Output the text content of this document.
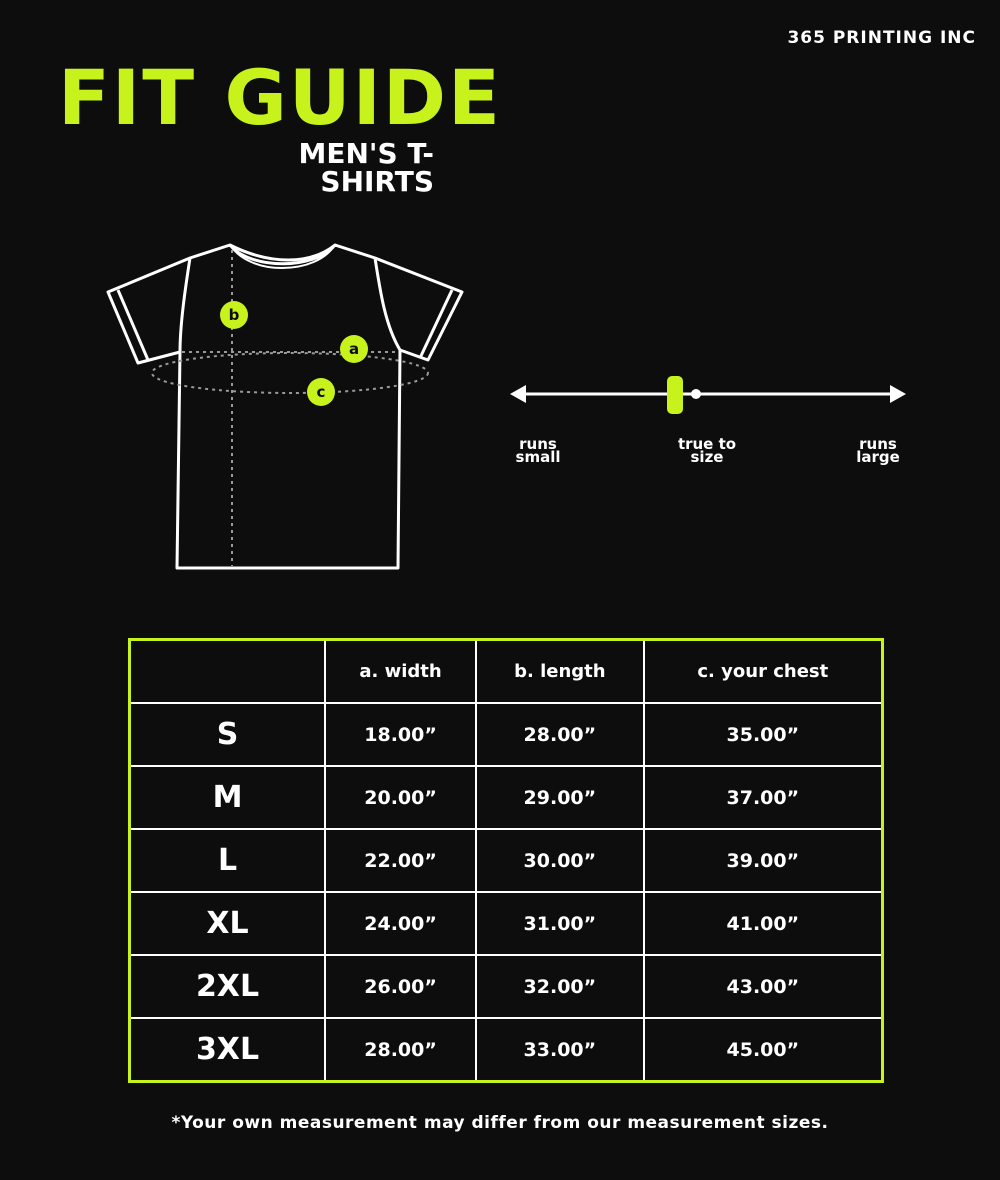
365 PRINTING INC
FIT GUIDE
MEN'S T-SHIRTS
b
a
c
runs
small
true to
size
runs
large
	a. width	b. length	c. your chest
S	18.00”	28.00”	35.00”
M	20.00”	29.00”	37.00”
L	22.00”	30.00”	39.00”
XL	24.00”	31.00”	41.00”
2XL	26.00”	32.00”	43.00”
3XL	28.00”	33.00”	45.00”
*Your own measurement may differ from our measurement sizes.
